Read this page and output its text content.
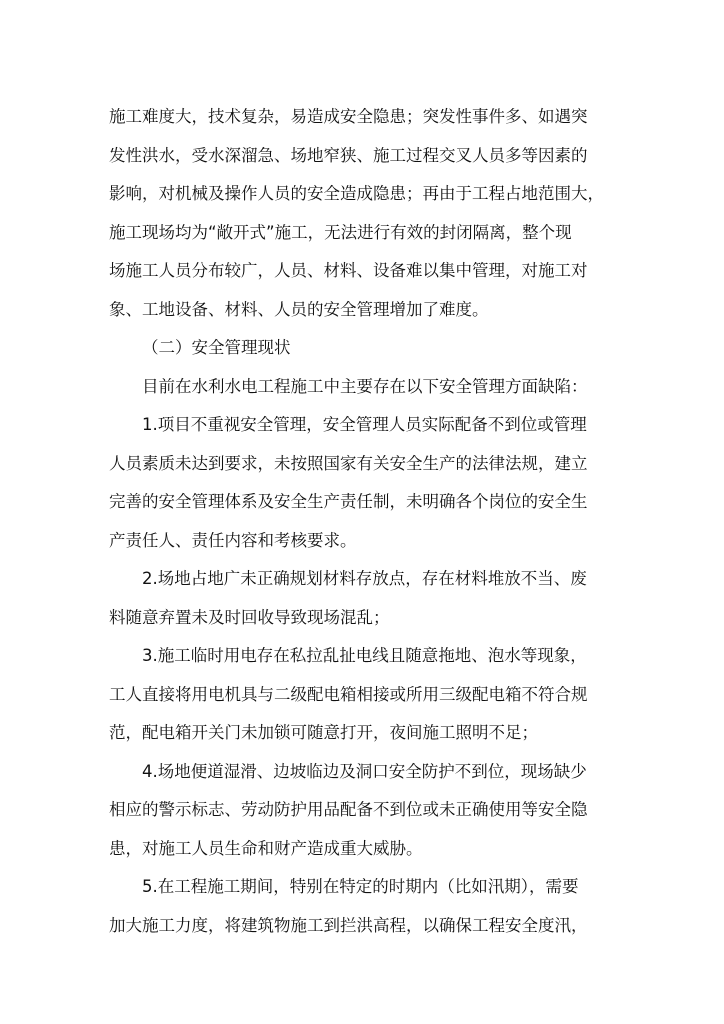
施工难度大，技术复杂，易造成安全隐患；突发性事件多、如遇突
发性洪水，受水深溜急、场地窄狭、施工过程交叉人员多等因素的
影响，对机械及操作人员的安全造成隐患；再由于工程占地范围大，
施工现场均为“敞开式”施工，无法进行有效的封闭隔离，整个现
场施工人员分布较广，人员、材料、设备难以集中管理，对施工对
象、工地设备、材料、人员的安全管理增加了难度。
（二）安全管理现状
目前在水利水电工程施工中主要存在以下安全管理方面缺陷：
1.项目不重视安全管理，安全管理人员实际配备不到位或管理
人员素质未达到要求，未按照国家有关安全生产的法律法规，建立
完善的安全管理体系及安全生产责任制，未明确各个岗位的安全生
产责任人、责任内容和考核要求。
2.场地占地广未正确规划材料存放点，存在材料堆放不当、废
料随意弃置未及时回收导致现场混乱；
3.施工临时用电存在私拉乱扯电线且随意拖地、泡水等现象，
工人直接将用电机具与二级配电箱相接或所用三级配电箱不符合规
范，配电箱开关门未加锁可随意打开，夜间施工照明不足；
4.场地便道湿滑、边坡临边及洞口安全防护不到位，现场缺少
相应的警示标志、劳动防护用品配备不到位或未正确使用等安全隐
患，对施工人员生命和财产造成重大威胁。
5.在工程施工期间，特别在特定的时期内（比如汛期），需要
加大施工力度，将建筑物施工到拦洪高程，以确保工程安全度汛，
